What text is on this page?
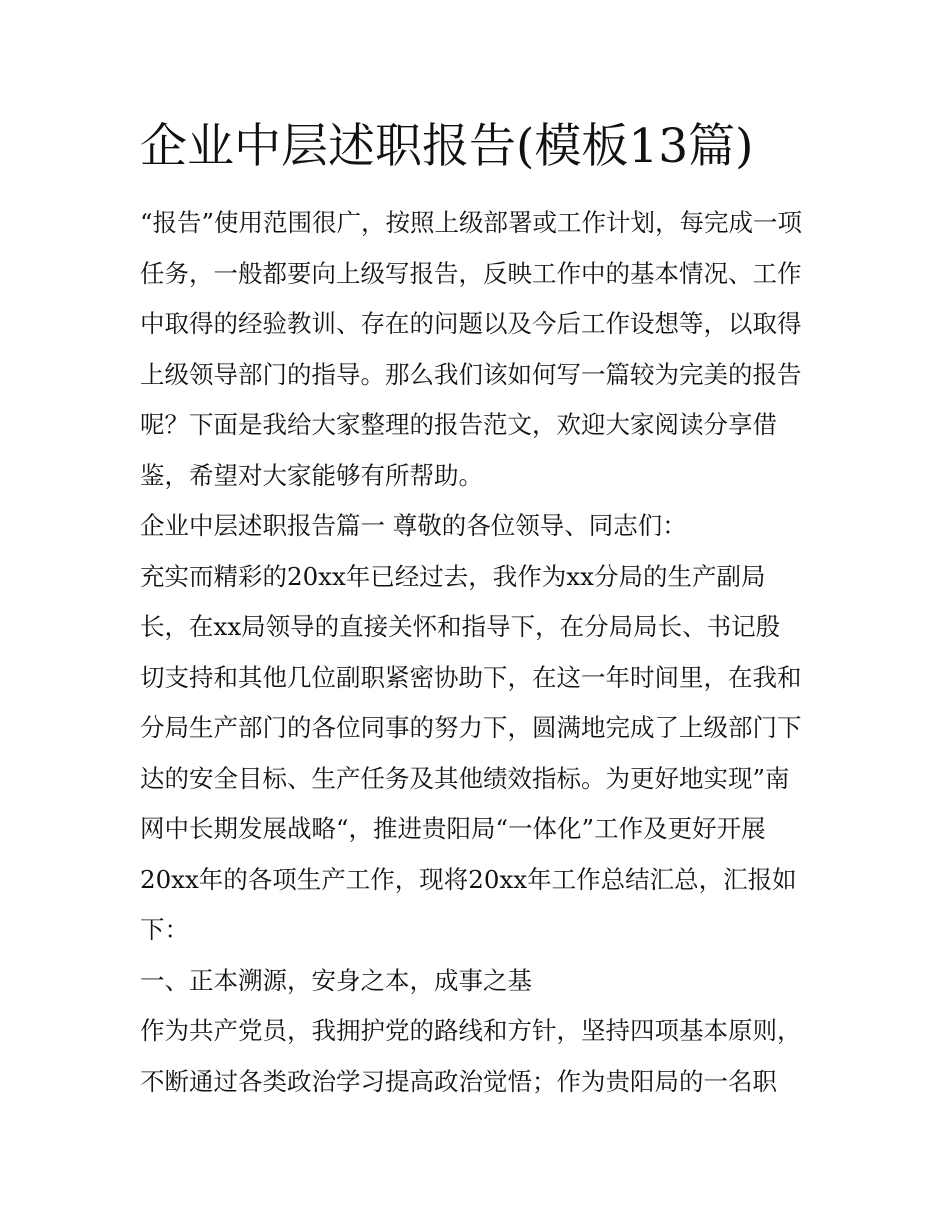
企业中层述职报告(模板13篇)
“报告”使用范围很广，按照上级部署或工作计划，每完成一项
任务，一般都要向上级写报告，反映工作中的基本情况、工作
中取得的经验教训、存在的问题以及今后工作设想等，以取得
上级领导部门的指导。那么我们该如何写一篇较为完美的报告
呢？下面是我给大家整理的报告范文，欢迎大家阅读分享借
鉴，希望对大家能够有所帮助。
企业中层述职报告篇一 尊敬的各位领导、同志们：
充实而精彩的20xx年已经过去，我作为xx分局的生产副局
长，在xx局领导的直接关怀和指导下，在分局局长、书记殷
切支持和其他几位副职紧密协助下，在这一年时间里，在我和
分局生产部门的各位同事的努力下，圆满地完成了上级部门下
达的安全目标、生产任务及其他绩效指标。为更好地实现”南
网中长期发展战略“，推进贵阳局“一体化”工作及更好开展
20xx年的各项生产工作，现将20xx年工作总结汇总，汇报如
下：
一、正本溯源，安身之本，成事之基
作为共产党员，我拥护党的路线和方针，坚持四项基本原则，
不断通过各类政治学习提高政治觉悟；作为贵阳局的一名职
